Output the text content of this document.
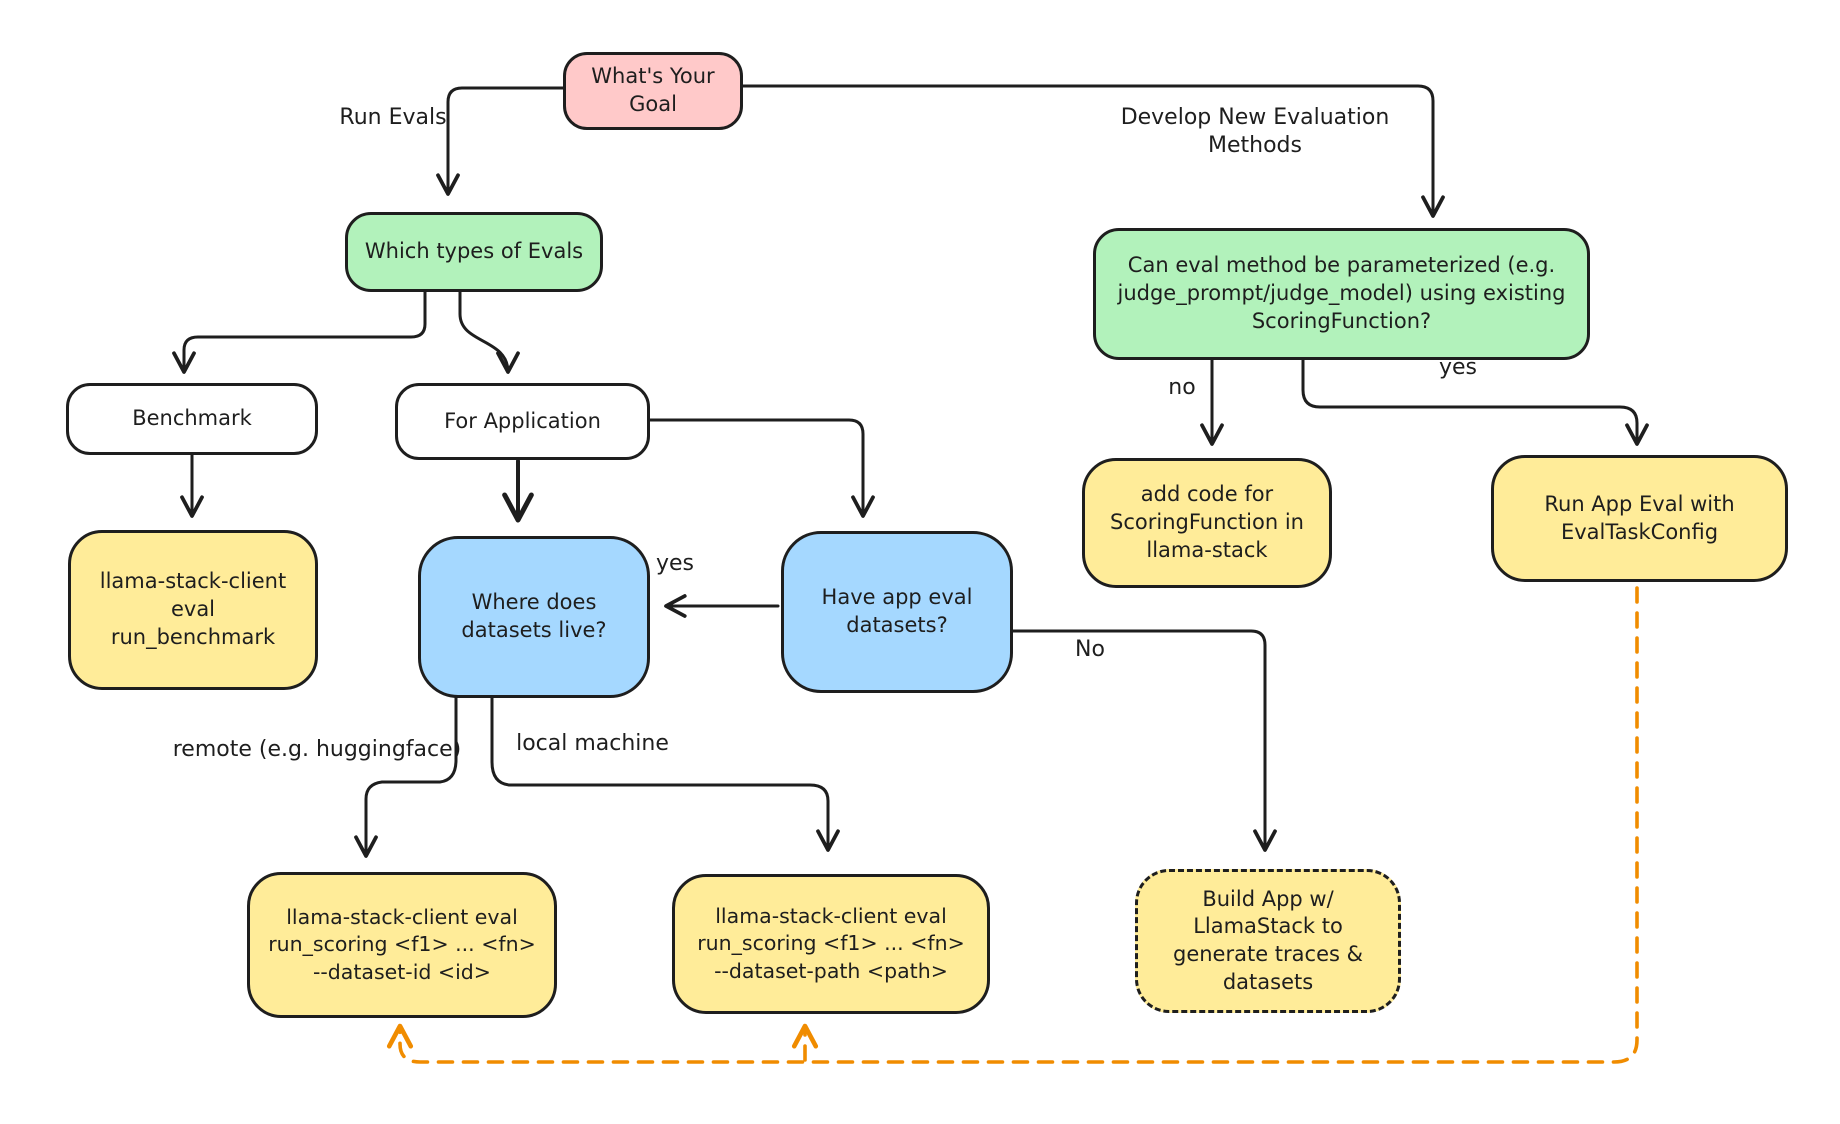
What's Your Goal
Which types of Evals
Can eval method be parameterized (e.g. judge_prompt/judge_model) using existing ScoringFunction?
Benchmark	For Application
llama-stack-client eval run_benchmark
Where does datasets live?
Have app eval datasets?
add code for ScoringFunction in llama-stack
Run App Eval with EvalTaskConfig
llama-stack-client eval run_scoring <f1> ... <fn> --dataset-id <id>
llama-stack-client eval run_scoring <f1> ... <fn> --dataset-path <path>
Build App w/ LlamaStack to generate traces & datasets
Run Evals	Develop New Evaluation Methods
no
yes
yes
No
remote (e.g. huggingface)	local machine
